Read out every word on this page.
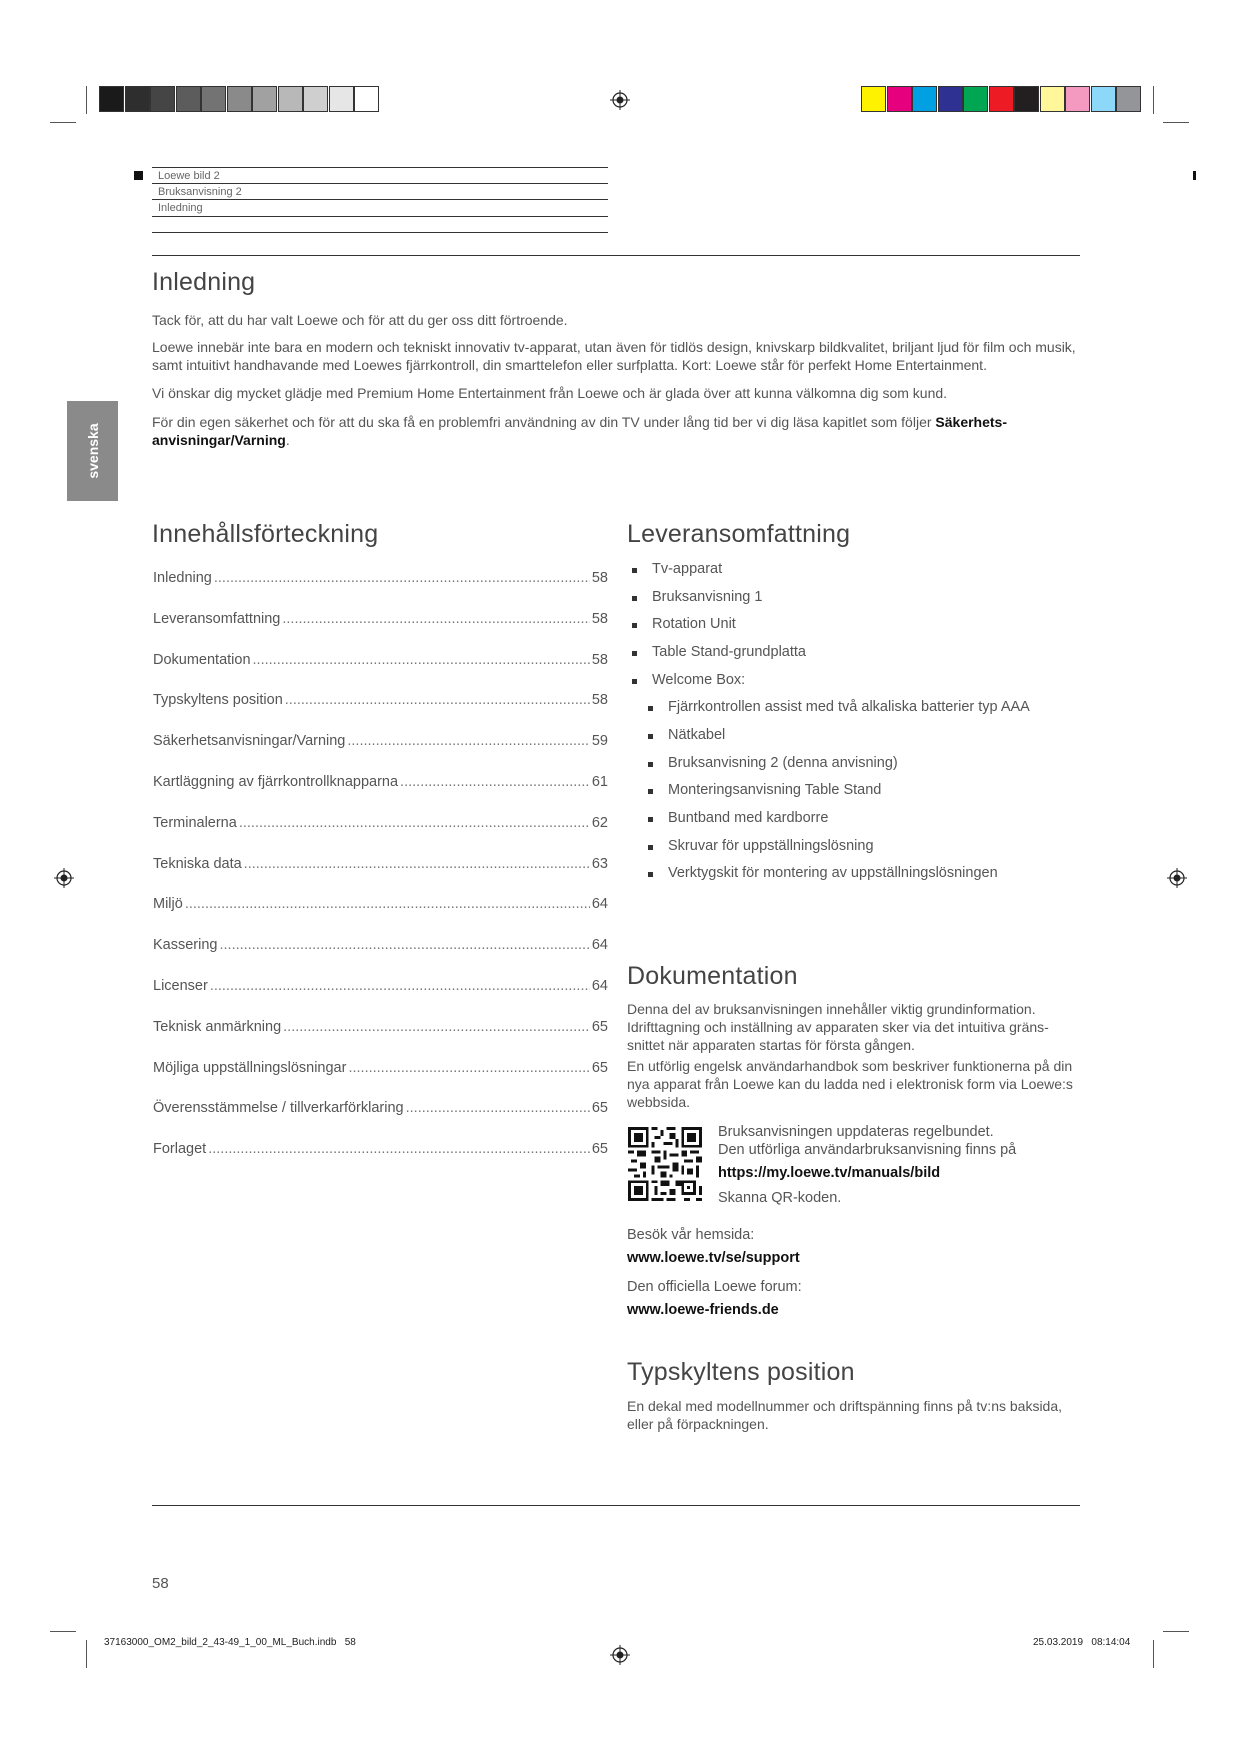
Loewe bild 2
Bruksanvisning 2
Inledning
svenska
Inledning

Tack för, att du har valt Loewe och för att du ger oss ditt förtroende.

Loewe innebär inte bara en modern och tekniskt innovativ tv-apparat, utan även för tidlös design, knivskarp bildkvalitet, briljant ljud för film och musik, samt intuitivt handhavande med Loewes fjärrkontroll, din smarttelefon eller surfplatta. Kort: Loewe står för perfekt Home Entertainment.

Vi önskar dig mycket glädje med Premium Home Entertainment från Loewe och är glada över att kunna välkomna dig som kund.

För din egen säkerhet och för att du ska få en problemfri användning av din TV under lång tid ber vi dig läsa kapitlet som följer Säkerhets-anvisningar/Varning.

Innehållsförteckning
Inledning .....	58
Leveransomfattning .....	58
Dokumentation .....	58
Typskyltens position .....	58
Säkerhetsanvisningar/Varning .....	59
Kartläggning av fjärrkontrollknapparna .....	61
Terminalerna .....	62
Tekniska data .....	63
Miljö .....	64
Kassering .....	64
Licenser .....	64
Teknisk anmärkning .....	65
Möjliga uppställningslösningar .....	65
Överensstämmelse / tillverkarförklaring .....	65
Forlaget .....	65
Leveransomfattning
Tv-apparat
Bruksanvisning 1
Rotation Unit
Table Stand-grundplatta
Welcome Box:
Fjärrkontrollen assist med två alkaliska batterier typ AAA
Nätkabel
Bruksanvisning 2 (denna anvisning)
Monteringsanvisning Table Stand
Buntband med kardborre
Skruvar för uppställningslösning
Verktygskit för montering av uppställningslösningen
Dokumentation

Denna del av bruksanvisningen innehåller viktig grundinformation. Idrifttagning och inställning av apparaten sker via det intuitiva gräns-snittet när apparaten startas för första gången.

En utförlig engelsk användarhandbok som beskriver funktionerna på din nya apparat från Loewe kan du ladda ned i elektronisk form via Loewe:s webbsida.

Bruksanvisningen uppdateras regelbundet.
Den utförliga användarbruksanvisning finns på
https://my.loewe.tv/manuals/bild
Skanna QR-koden.
Besök vår hemsida:
www.loewe.tv/se/support
Den officiella Loewe forum:
www.loewe-friends.de
Typskyltens position

En dekal med modellnummer och driftspänning finns på tv:ns baksida, eller på förpackningen.

58
37163000_OM2_bild_2_43-49_1_00_ML_Buch.indb   58	25.03.2019   08:14:04
